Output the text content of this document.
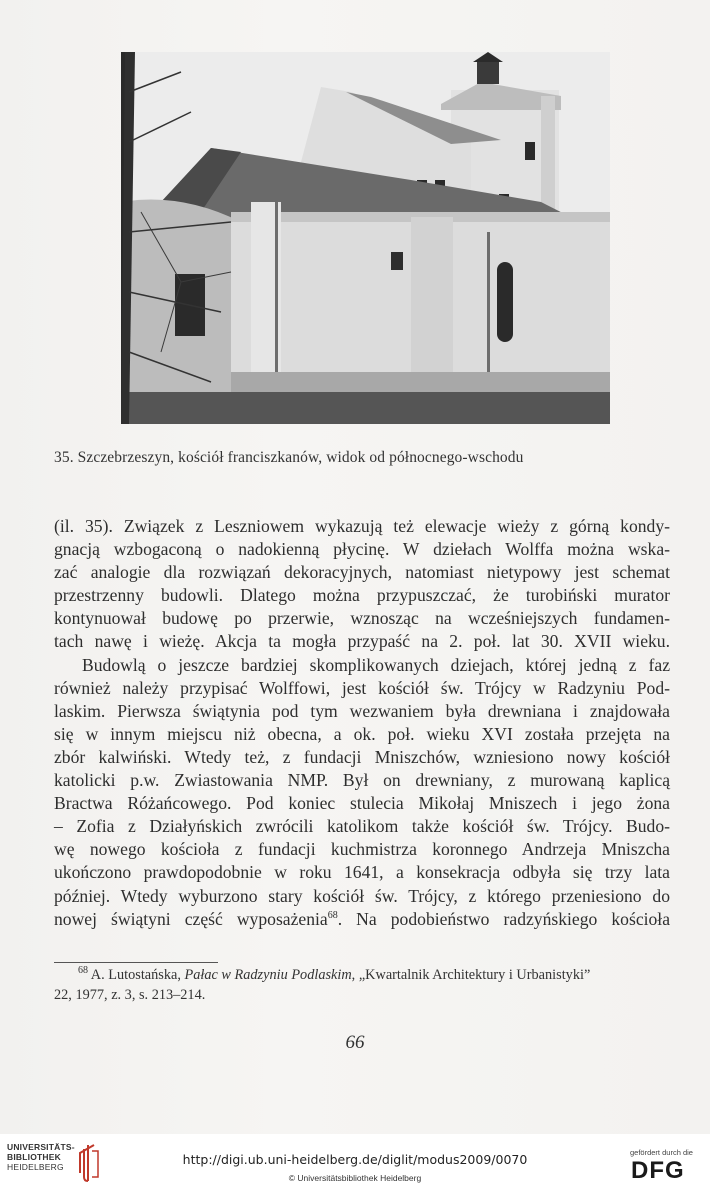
35. Szczebrzeszyn, kościół franciszkanów, widok od północnego-wschodu
(il. 35). Związek z Leszniowem wykazują też elewacje wieży z górną kondy-
gnacją wzbogaconą o nadokienną płycinę. W dziełach Wolffa można wska-
zać analogie dla rozwiązań dekoracyjnych, natomiast nietypowy jest schemat
przestrzenny budowli. Dlatego można przypuszczać, że turobiński murator
kontynuował budowę po przerwie, wznosząc na wcześniejszych fundamen-
tach nawę i wieżę. Akcja ta mogła przypaść na 2. poł. lat 30. XVII wieku.
Budowlą o jeszcze bardziej skomplikowanych dziejach, której jedną z faz
również należy przypisać Wolffowi, jest kościół św. Trójcy w Radzyniu Pod-
laskim. Pierwsza świątynia pod tym wezwaniem była drewniana i znajdowała
się w innym miejscu niż obecna, a ok. poł. wieku XVI została przejęta na
zbór kalwiński. Wtedy też, z fundacji Mniszchów, wzniesiono nowy kościół
katolicki p.w. Zwiastowania NMP. Był on drewniany, z murowaną kaplicą
Bractwa Różańcowego. Pod koniec stulecia Mikołaj Mniszech i jego żona
– Zofia z Działyńskich zwrócili katolikom także kościół św. Trójcy. Budo-
wę nowego kościoła z fundacji kuchmistrza koronnego Andrzeja Mniszcha
ukończono prawdopodobnie w roku 1641, a konsekracja odbyła się trzy lata
później. Wtedy wyburzono stary kościół św. Trójcy, z którego przeniesiono do
nowej świątyni część wyposażenia$^{68}$. Na podobieństwo radzyńskiego kościoła
$^{68}$ A. Lutostańska, Pałac w Radzyniu Podlaskim, „Kwartalnik Architektury i Urbanistyki”
22, 1977, z. 3, s. 213–214.
66
UNIVERSITÄTS-
BIBLIOTHEK
HEIDELBERG	http://digi.ub.uni-heidelberg.de/diglit/modus2009/0070
© Universitätsbibliothek Heidelberg
gefördert durch die
DFG
